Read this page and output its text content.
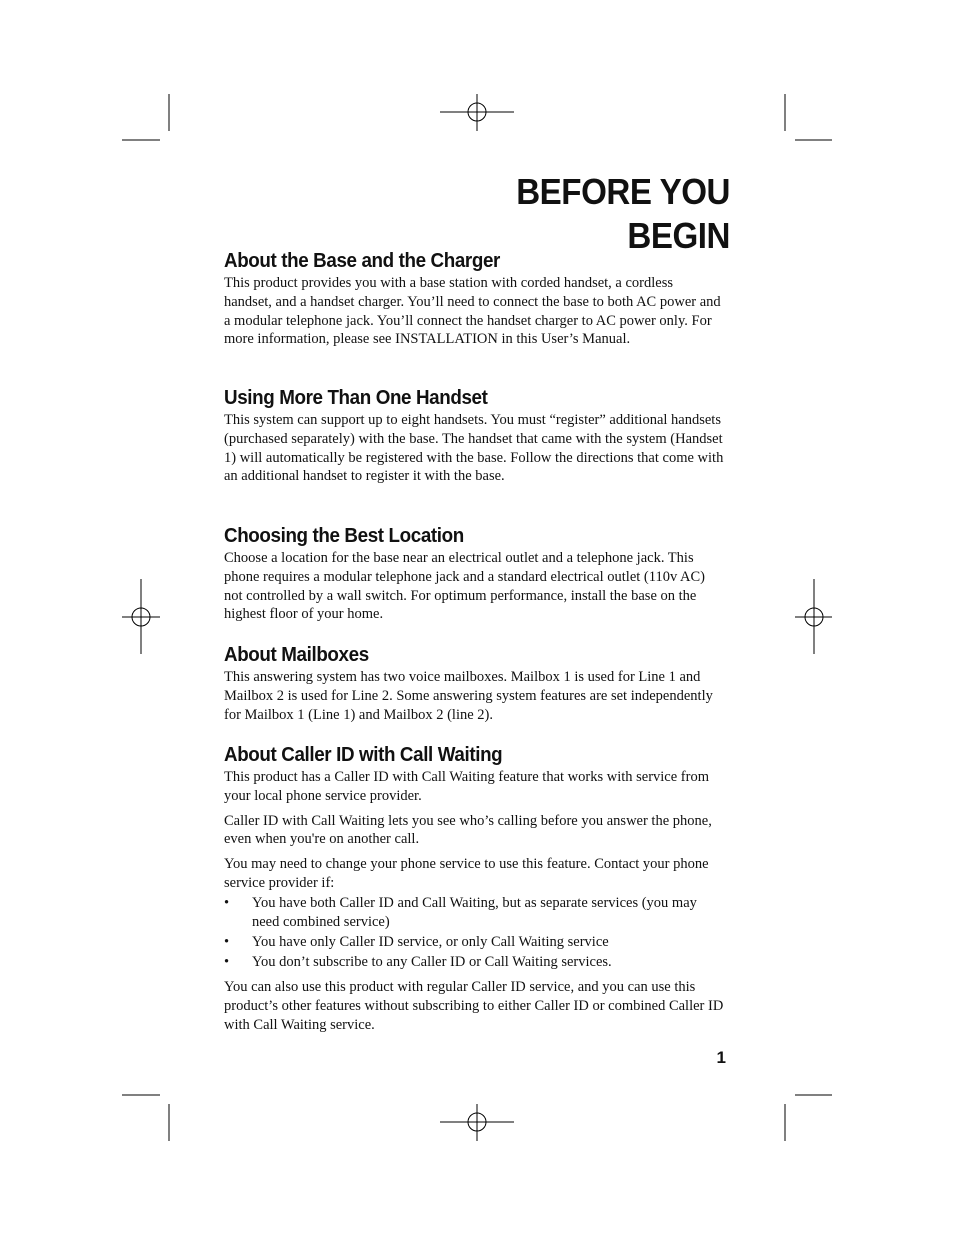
BEFORE YOU BEGIN
About the Base and the Charger

This product provides you with a base station with corded handset, a cordless handset, and a handset charger. You’ll need to connect the base to both AC power and a modular telephone jack. You’ll connect the handset charger to AC power only. For more information, please see INSTALLATION in this User’s Manual.

Using More Than One Handset

This system can support up to eight handsets. You must “register” additional handsets (purchased separately) with the base. The handset that came with the system (Handset 1) will automatically be registered with the base. Follow the directions that come with an additional handset to register it with the base.

Choosing the Best Location

Choose a location for the base near an electrical outlet and a telephone jack. This phone requires a modular telephone jack and a standard electrical outlet (110v AC) not controlled by a wall switch. For optimum performance, install the base on the highest floor of your home.

About Mailboxes

This answering system has two voice mailboxes. Mailbox 1 is used for Line 1 and Mailbox 2 is used for Line 2. Some answering system features are set independently for Mailbox 1 (Line 1) and Mailbox 2 (line 2).

About Caller ID with Call Waiting

This product has a Caller ID with Call Waiting feature that works with service from your local phone service provider.

Caller ID with Call Waiting lets you see who’s calling before you answer the phone, even when you're on another call.

You may need to change your phone service to use this feature. Contact your phone service provider if:

• You have both Caller ID and Call Waiting, but as separate services (you may need combined service)
• You have only Caller ID service, or only Call Waiting service
• You don’t subscribe to any Caller ID or Call Waiting services.

You can also use this product with regular Caller ID service, and you can use this product’s other features without subscribing to either Caller ID or combined Caller ID with Call Waiting service.

1
